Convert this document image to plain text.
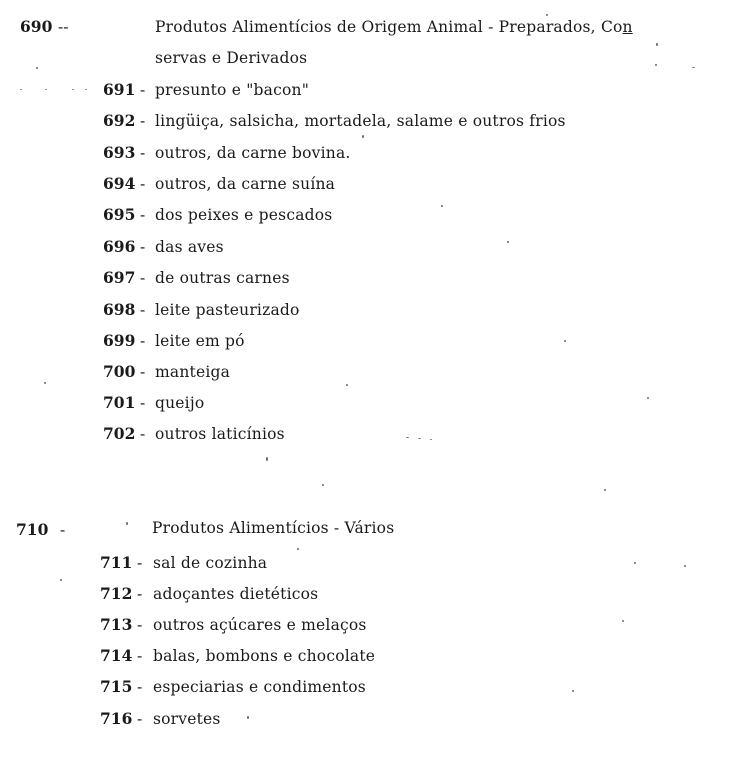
690 --	Produtos Alimentícios de Origem Animal - Preparados, Con
servas e Derivados
691 - presunto e "bacon"
692 - lingüiça, salsicha, mortadela, salame e outros frios
693 - outros, da carne bovina.
694 - outros, da carne suína
695 - dos peixes e pescados
696 - das aves
697 - de outras carnes
698 - leite pasteurizado
699 - leite em pó
700 - manteiga
701 - queijo
702 - outros laticínios
710 -	Produtos Alimentícios - Vários
711 - sal de cozinha
712 - adoçantes dietéticos
713 - outros açúcares e melaços
714 - balas, bombons e chocolate
715 - especiarias e condimentos
716 - sorvetes
